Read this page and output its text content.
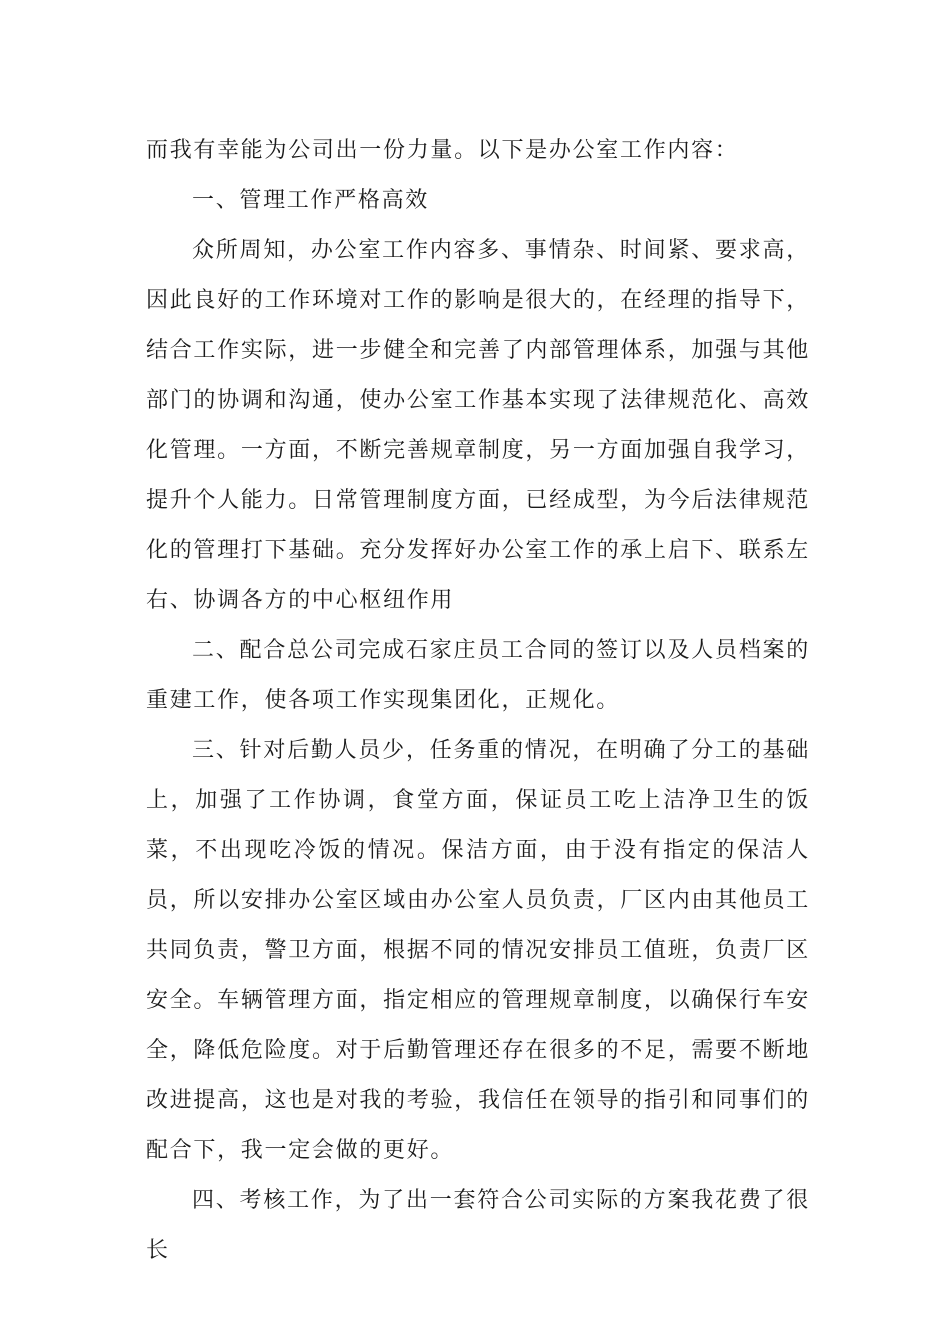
而我有幸能为公司出一份力量。以下是办公室工作内容：

一、管理工作严格高效

众所周知，办公室工作内容多、事情杂、时间紧、要求高，因此良好的工作环境对工作的影响是很大的，在经理的指导下，结合工作实际，进一步健全和完善了内部管理体系，加强与其他部门的协调和沟通，使办公室工作基本实现了法律规范化、高效化管理。一方面，不断完善规章制度，另一方面加强自我学习，提升个人能力。日常管理制度方面，已经成型，为今后法律规范化的管理打下基础。充分发挥好办公室工作的承上启下、联系左右、协调各方的中心枢纽作用

二、配合总公司完成石家庄员工合同的签订以及人员档案的重建工作，使各项工作实现集团化，正规化。

三、针对后勤人员少，任务重的情况，在明确了分工的基础上，加强了工作协调，食堂方面，保证员工吃上洁净卫生的饭菜，不出现吃冷饭的情况。保洁方面，由于没有指定的保洁人员，所以安排办公室区域由办公室人员负责，厂区内由其他员工共同负责，警卫方面，根据不同的情况安排员工值班，负责厂区安全。车辆管理方面，指定相应的管理规章制度，以确保行车安全，降低危险度。对于后勤管理还存在很多的不足，需要不断地改进提高，这也是对我的考验，我信任在领导的指引和同事们的配合下，我一定会做的更好。

四、考核工作，为了出一套符合公司实际的方案我花费了很长
